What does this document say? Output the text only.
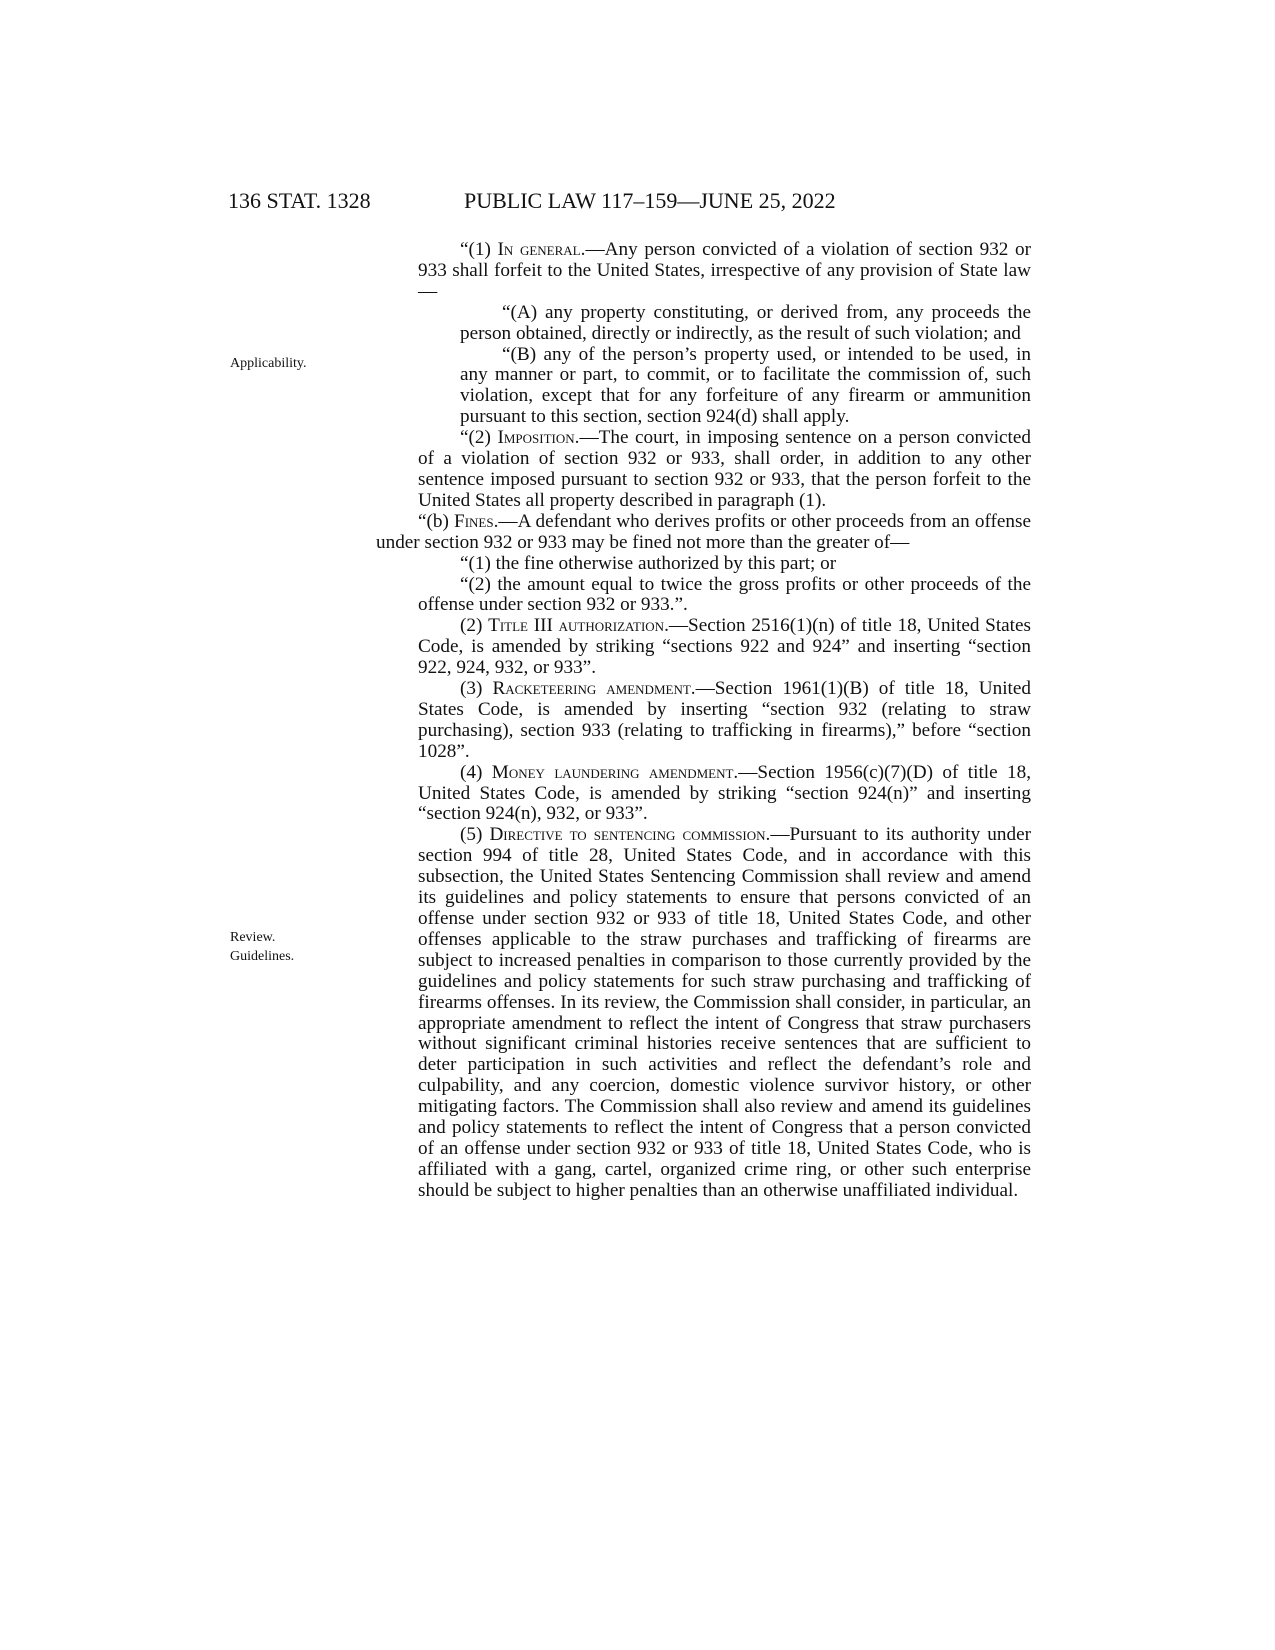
136 STAT. 1328	PUBLIC LAW 117–159—JUNE 25, 2022
Applicability.
Review.
Guidelines.

“(1) In general.—Any person convicted of a violation of section 932 or 933 shall forfeit to the United States, irrespective of any provision of State law—

“(A) any property constituting, or derived from, any proceeds the person obtained, directly or indirectly, as the result of such violation; and

“(B) any of the person’s property used, or intended to be used, in any manner or part, to commit, or to facilitate the commission of, such violation, except that for any forfeiture of any firearm or ammunition pursuant to this section, section 924(d) shall apply.

“(2) Imposition.—The court, in imposing sentence on a person convicted of a violation of section 932 or 933, shall order, in addition to any other sentence imposed pursuant to section 932 or 933, that the person forfeit to the United States all property described in paragraph (1).

“(b) Fines.—A defendant who derives profits or other proceeds from an offense under section 932 or 933 may be fined not more than the greater of—

“(1) the fine otherwise authorized by this part; or

“(2) the amount equal to twice the gross profits or other proceeds of the offense under section 932 or 933.”.

(2) Title III authorization.—Section 2516(1)(n) of title 18, United States Code, is amended by striking “sections 922 and 924” and inserting “section 922, 924, 932, or 933”.

(3) Racketeering amendment.—Section 1961(1)(B) of title 18, United States Code, is amended by inserting “section 932 (relating to straw purchasing), section 933 (relating to trafficking in firearms),” before “section 1028”.

(4) Money laundering amendment.—Section 1956(c)(7)(D) of title 18, United States Code, is amended by striking “section 924(n)” and inserting “section 924(n), 932, or 933”.

(5) Directive to sentencing commission.—Pursuant to its authority under section 994 of title 28, United States Code, and in accordance with this subsection, the United States Sentencing Commission shall review and amend its guidelines and policy statements to ensure that persons convicted of an offense under section 932 or 933 of title 18, United States Code, and other offenses applicable to the straw purchases and trafficking of firearms are subject to increased penalties in comparison to those currently provided by the guidelines and policy statements for such straw purchasing and trafficking of firearms offenses. In its review, the Commission shall consider, in particular, an appropriate amendment to reflect the intent of Congress that straw purchasers without significant criminal histories receive sentences that are sufficient to deter participation in such activities and reflect the defendant’s role and culpability, and any coercion, domestic violence survivor history, or other mitigating factors. The Commission shall also review and amend its guidelines and policy statements to reflect the intent of Congress that a person convicted of an offense under section 932 or 933 of title 18, United States Code, who is affiliated with a gang, cartel, organized crime ring, or other such enterprise should be subject to higher penalties than an otherwise unaffiliated individual.
